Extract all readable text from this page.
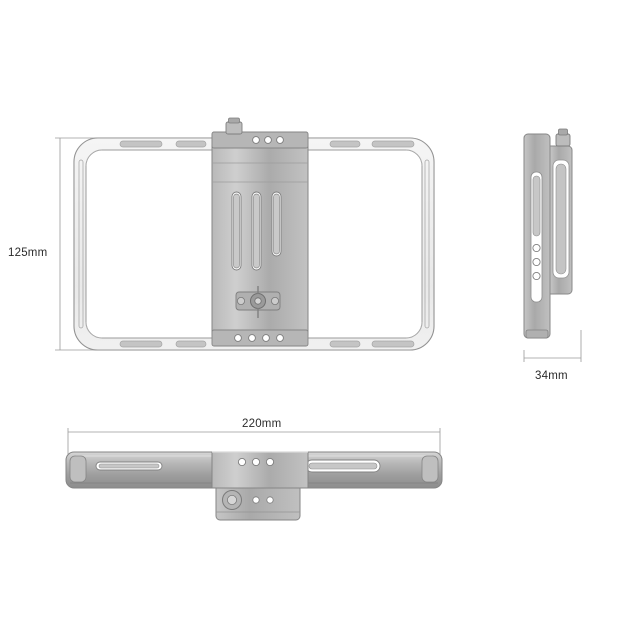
125mm
220mm
34mm
